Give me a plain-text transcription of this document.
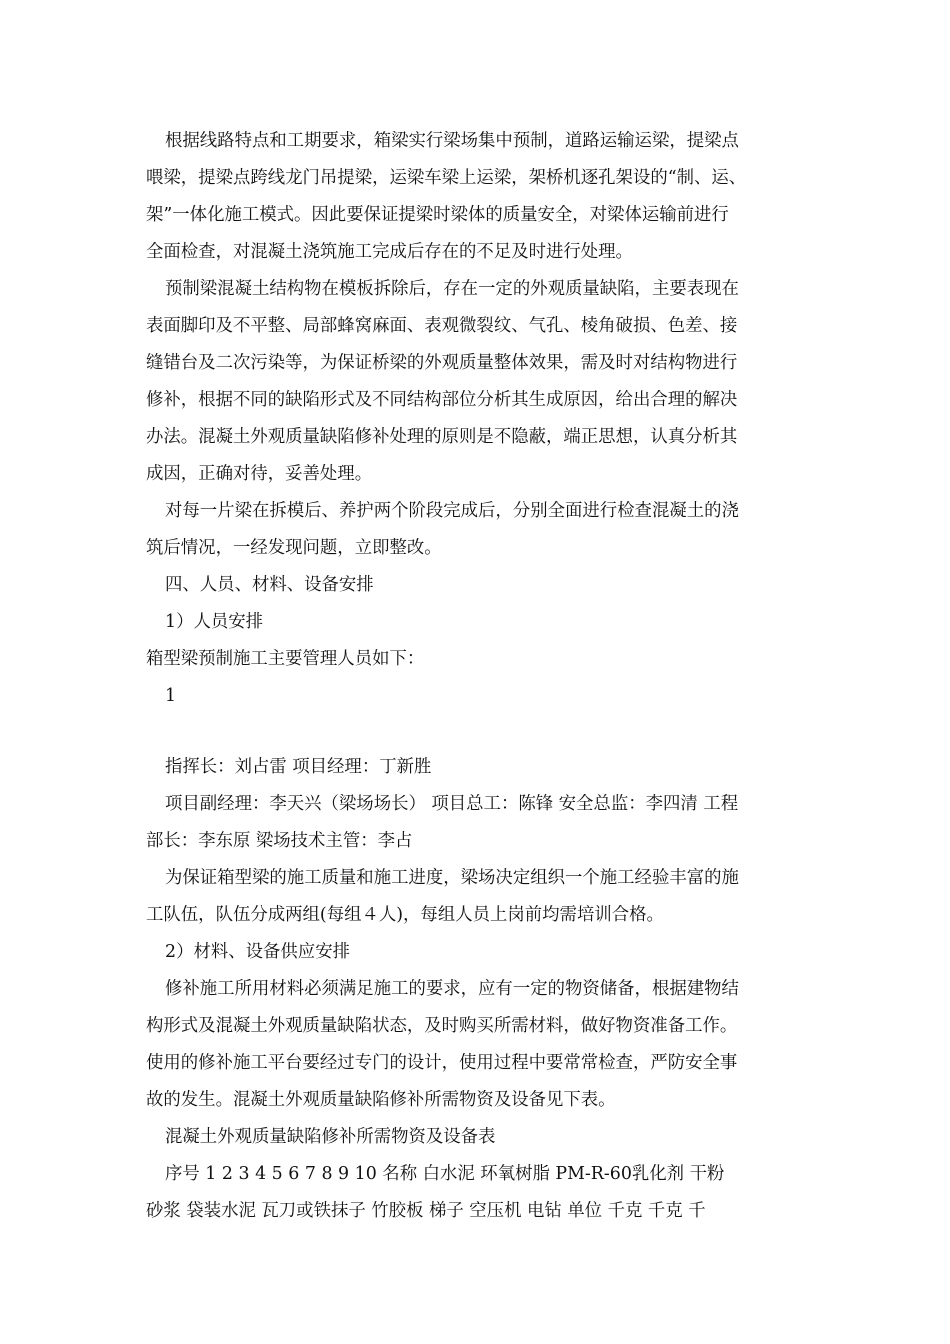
根据线路特点和工期要求，箱梁实行梁场集中预制，道路运输运梁，提梁点
喂梁，提梁点跨线龙门吊提梁，运梁车梁上运梁，架桥机逐孔架设的“制、运、
架”一体化施工模式。因此要保证提梁时梁体的质量安全，对梁体运输前进行
全面检查，对混凝土浇筑施工完成后存在的不足及时进行处理。
预制梁混凝土结构物在模板拆除后，存在一定的外观质量缺陷，主要表现在
表面脚印及不平整、局部蜂窝麻面、表观微裂纹、气孔、棱角破损、色差、接
缝错台及二次污染等，为保证桥梁的外观质量整体效果，需及时对结构物进行
修补，根据不同的缺陷形式及不同结构部位分析其生成原因，给出合理的解决
办法。混凝土外观质量缺陷修补处理的原则是不隐蔽，端正思想，认真分析其
成因，正确对待，妥善处理。
对每一片梁在拆模后、养护两个阶段完成后，分别全面进行检查混凝土的浇
筑后情况，一经发现问题，立即整改。
四、人员、材料、设备安排
1）人员安排
箱型梁预制施工主要管理人员如下：
1
指挥长：刘占雷 项目经理：丁新胜
项目副经理：李天兴（梁场场长） 项目总工：陈锋 安全总监：李四清 工程
部长：李东原 梁场技术主管：李占
为保证箱型梁的施工质量和施工进度，梁场决定组织一个施工经验丰富的施
工队伍，队伍分成两组(每组４人)，每组人员上岗前均需培训合格。
2）材料、设备供应安排
修补施工所用材料必须满足施工的要求，应有一定的物资储备，根据建物结
构形式及混凝土外观质量缺陷状态，及时购买所需材料，做好物资准备工作。
使用的修补施工平台要经过专门的设计，使用过程中要常常检查，严防安全事
故的发生。混凝土外观质量缺陷修补所需物资及设备见下表。
混凝土外观质量缺陷修补所需物资及设备表
序号 1 2 3 4 5 6 7 8 9 10 名称 白水泥 环氧树脂 PM-R-60乳化剂 干粉
砂浆 袋装水泥 瓦刀或铁抹子 竹胶板 梯子 空压机 电钻 单位 千克 千克 千
